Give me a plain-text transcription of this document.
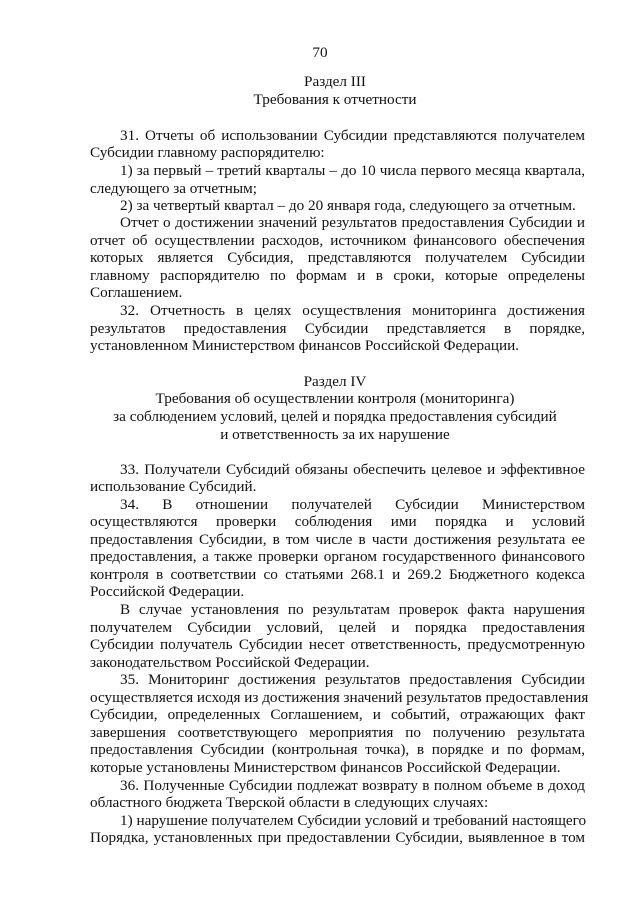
70
Раздел III
Требования к отчетности
31. Отчеты об использовании Субсидии представляются получателем
Субсидии главному распорядителю:
1) за первый – третий кварталы – до 10 числа первого месяца квартала,
следующего за отчетным;
2) за четвертый квартал – до 20 января года, следующего за отчетным.
Отчет о достижении значений результатов предоставления Субсидии и
отчет об осуществлении расходов, источником финансового обеспечения
которых является Субсидия, представляются получателем Субсидии
главному распорядителю по формам и в сроки, которые определены
Соглашением.
32. Отчетность в целях осуществления мониторинга достижения
результатов предоставления Субсидии представляется в порядке,
установленном Министерством финансов Российской Федерации.
Раздел IV
Требования об осуществлении контроля (мониторинга)
за соблюдением условий, целей и порядка предоставления субсидий
и ответственность за их нарушение
33. Получатели Субсидий обязаны обеспечить целевое и эффективное
использование Субсидий.
34. В отношении получателей Субсидии Министерством
осуществляются проверки соблюдения ими порядка и условий
предоставления Субсидии, в том числе в части достижения результата ее
предоставления, а также проверки органом государственного финансового
контроля в соответствии со статьями 268.1 и 269.2 Бюджетного кодекса
Российской Федерации.
В случае установления по результатам проверок факта нарушения
получателем Субсидии условий, целей и порядка предоставления
Субсидии получатель Субсидии несет ответственность, предусмотренную
законодательством Российской Федерации.
35. Мониторинг достижения результатов предоставления Субсидии
осуществляется исходя из достижения значений результатов предоставления
Субсидии, определенных Соглашением, и событий, отражающих факт
завершения соответствующего мероприятия по получению результата
предоставления Субсидии (контрольная точка), в порядке и по формам,
которые установлены Министерством финансов Российской Федерации.
36. Полученные Субсидии подлежат возврату в полном объеме в доход
областного бюджета Тверской области в следующих случаях:
1) нарушение получателем Субсидии условий и требований настоящего
Порядка, установленных при предоставлении Субсидии, выявленное в том
